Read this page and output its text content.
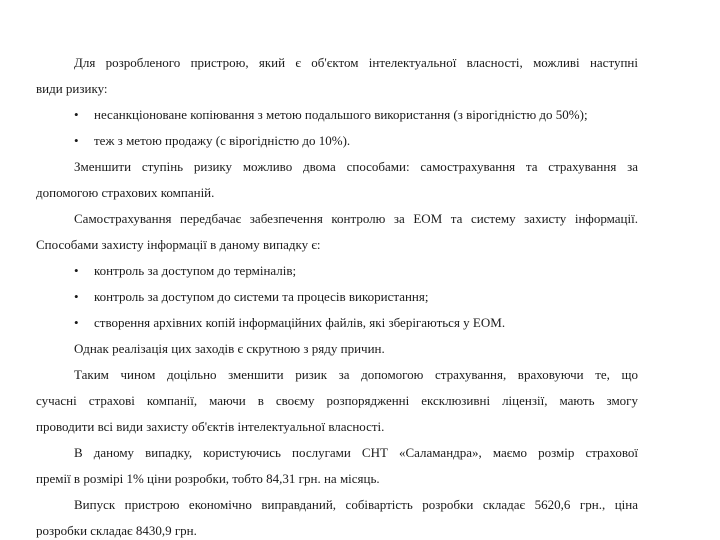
Для розробленого пристрою, який є об'єктом інтелектуальної власності, можливі наступні
види ризику:
• несанкціоноване копіювання з метою подальшого використання (з вірогідністю до 50%);
• теж з метою продажу (с вірогідністю до 10%).
Зменшити ступінь ризику можливо двома способами: самострахування та страхування за
допомогою страхових компаній.
Самострахування передбачає забезпечення контролю за ЕОМ та систему захисту інформації.
Способами захисту інформації в даному випадку є:
• контроль за доступом до терміналів;
• контроль за доступом до системи та процесів використання;
• створення архівних копій інформаційних файлів, які зберігаються у ЕОМ.
Однак реалізація цих заходів є скрутною з ряду причин.
Таким чином доцільно зменшити ризик за допомогою страхування, враховуючи те, що
сучасні страхові компанії, маючи в своєму розпорядженні ексклюзивні ліцензії, мають змогу
проводити всі види захисту об'єктів інтелектуальної власності.
В даному випадку, користуючись послугами СНТ «Саламандра», маємо розмір страхової
премії в розмірі 1% ціни розробки, тобто 84,31 грн. на місяць.
Випуск пристрою економічно виправданий, собівартість розробки складає 5620,6 грн., ціна
розробки складає 8430,9 грн.
